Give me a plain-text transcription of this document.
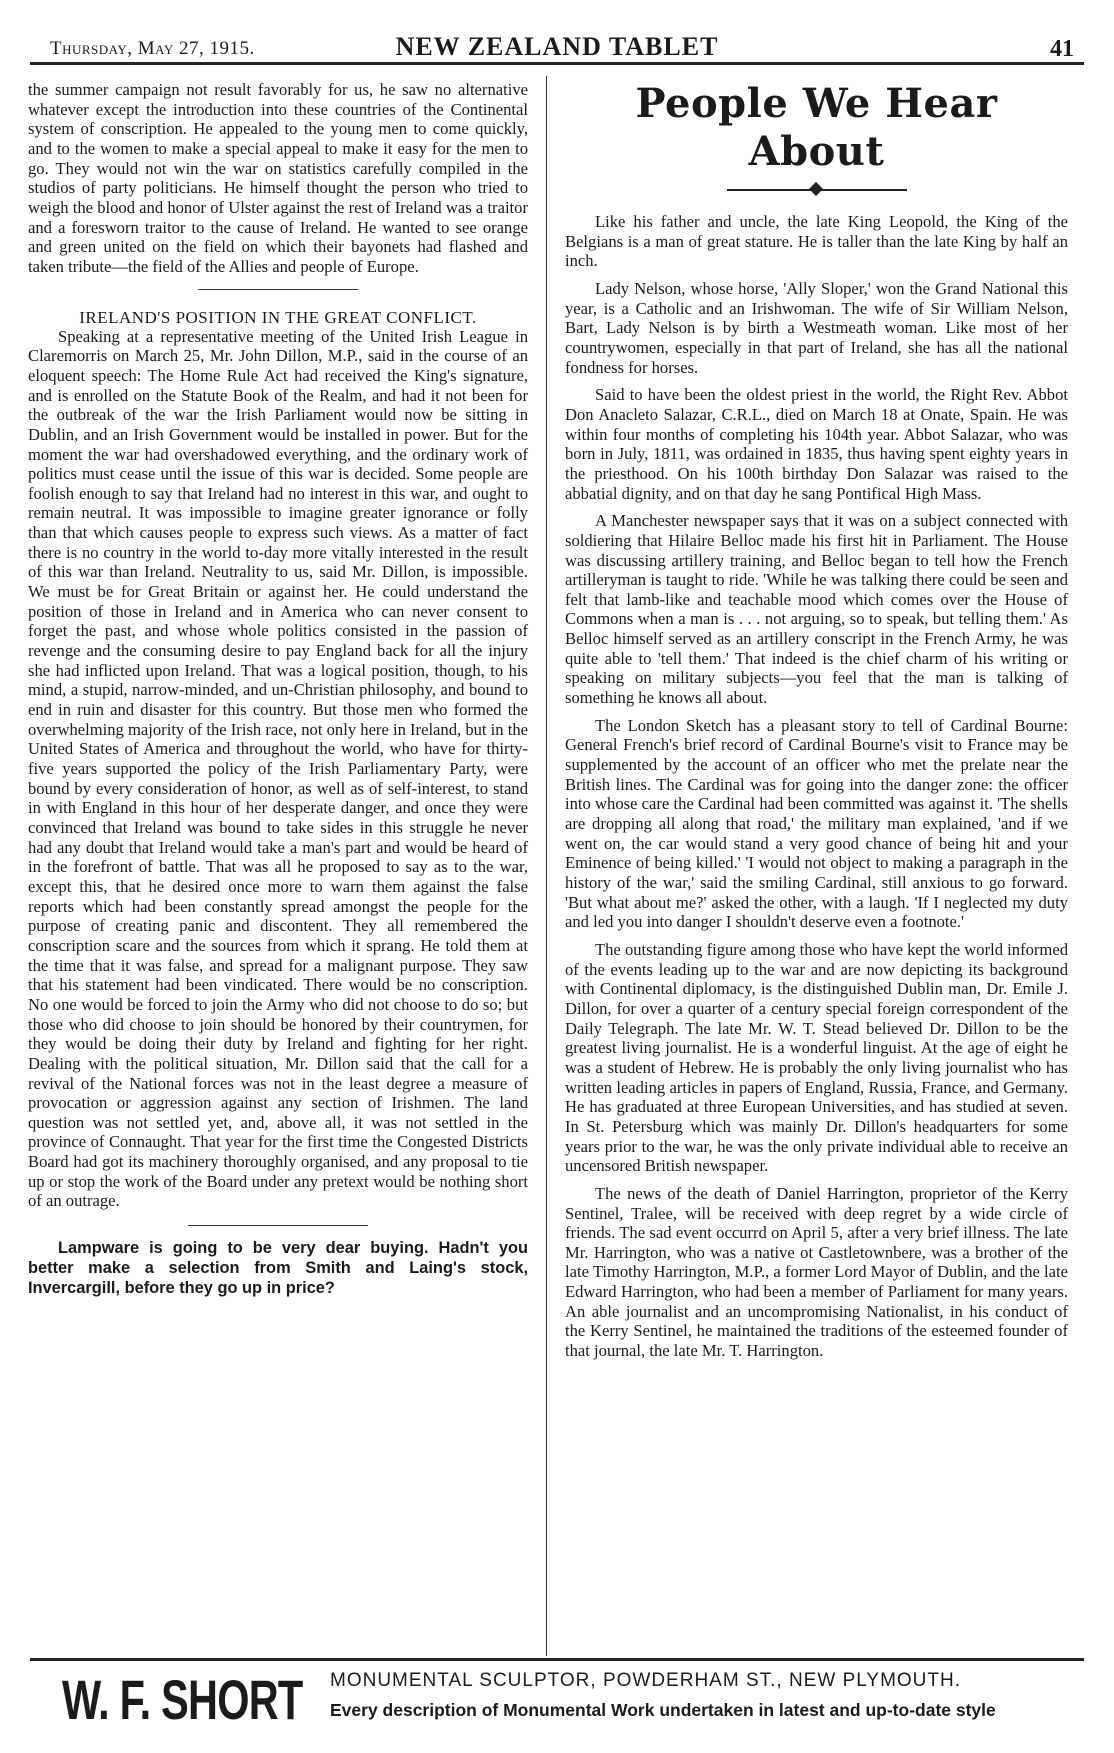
Thursday, May 27, 1915.	NEW ZEALAND TABLET	41

the summer campaign not result favorably for us, he saw no alternative whatever except the introduction into these countries of the Continental system of conscription. He appealed to the young men to come quickly, and to the women to make a special appeal to make it easy for the men to go. They would not win the war on statistics carefully compiled in the studios of party politicians. He himself thought the person who tried to weigh the blood and honor of Ulster against the rest of Ireland was a traitor and a foresworn traitor to the cause of Ireland. He wanted to see orange and green united on the field on which their bayonets had flashed and taken tribute—the field of the Allies and people of Europe.

IRELAND'S POSITION IN THE GREAT CONFLICT.

Speaking at a representative meeting of the United Irish League in Claremorris on March 25, Mr. John Dillon, M.P., said in the course of an eloquent speech: The Home Rule Act had received the King's signature, and is enrolled on the Statute Book of the Realm, and had it not been for the outbreak of the war the Irish Parliament would now be sitting in Dublin, and an Irish Government would be installed in power. But for the moment the war had overshadowed everything, and the ordinary work of politics must cease until the issue of this war is decided. Some people are foolish enough to say that Ireland had no interest in this war, and ought to remain neutral. It was impossible to imagine greater ignorance or folly than that which causes people to express such views. As a matter of fact there is no country in the world to-day more vitally interested in the result of this war than Ireland. Neutrality to us, said Mr. Dillon, is impossible. We must be for Great Britain or against her. He could understand the position of those in Ireland and in America who can never consent to forget the past, and whose whole politics consisted in the passion of revenge and the consuming desire to pay England back for all the injury she had inflicted upon Ireland. That was a logical position, though, to his mind, a stupid, narrow-minded, and un-Christian philosophy, and bound to end in ruin and disaster for this country. But those men who formed the overwhelming majority of the Irish race, not only here in Ireland, but in the United States of America and throughout the world, who have for thirty-five years supported the policy of the Irish Parliamentary Party, were bound by every consideration of honor, as well as of self-interest, to stand in with England in this hour of her desperate danger, and once they were convinced that Ireland was bound to take sides in this struggle he never had any doubt that Ireland would take a man's part and would be heard of in the forefront of battle. That was all he proposed to say as to the war, except this, that he desired once more to warn them against the false reports which had been constantly spread amongst the people for the purpose of creating panic and discontent. They all remembered the conscription scare and the sources from which it sprang. He told them at the time that it was false, and spread for a malignant purpose. They saw that his statement had been vindicated. There would be no conscription. No one would be forced to join the Army who did not choose to do so; but those who did choose to join should be honored by their countrymen, for they would be doing their duty by Ireland and fighting for her right. Dealing with the political situation, Mr. Dillon said that the call for a revival of the National forces was not in the least degree a measure of provocation or aggression against any section of Irishmen. The land question was not settled yet, and, above all, it was not settled in the province of Connaught. That year for the first time the Congested Districts Board had got its machinery thoroughly organised, and any proposal to tie up or stop the work of the Board under any pretext would be nothing short of an outrage.

Lampware is going to be very dear buying. Hadn't you better make a selection from Smith and Laing's stock, Invercargill, before they go up in price?

People We Hear About

Like his father and uncle, the late King Leopold, the King of the Belgians is a man of great stature. He is taller than the late King by half an inch.

Lady Nelson, whose horse, 'Ally Sloper,' won the Grand National this year, is a Catholic and an Irishwoman. The wife of Sir William Nelson, Bart, Lady Nelson is by birth a Westmeath woman. Like most of her countrywomen, especially in that part of Ireland, she has all the national fondness for horses.

Said to have been the oldest priest in the world, the Right Rev. Abbot Don Anacleto Salazar, C.R.L., died on March 18 at Onate, Spain. He was within four months of completing his 104th year. Abbot Salazar, who was born in July, 1811, was ordained in 1835, thus having spent eighty years in the priesthood. On his 100th birthday Don Salazar was raised to the abbatial dignity, and on that day he sang Pontifical High Mass.

A Manchester newspaper says that it was on a subject connected with soldiering that Hilaire Belloc made his first hit in Parliament. The House was discussing artillery training, and Belloc began to tell how the French artilleryman is taught to ride. 'While he was talking there could be seen and felt that lamb-like and teachable mood which comes over the House of Commons when a man is . . . not arguing, so to speak, but telling them.' As Belloc himself served as an artillery conscript in the French Army, he was quite able to 'tell them.' That indeed is the chief charm of his writing or speaking on military subjects—you feel that the man is talking of something he knows all about.

The London Sketch has a pleasant story to tell of Cardinal Bourne: General French's brief record of Cardinal Bourne's visit to France may be supplemented by the account of an officer who met the prelate near the British lines. The Cardinal was for going into the danger zone: the officer into whose care the Cardinal had been committed was against it. 'The shells are dropping all along that road,' the military man explained, 'and if we went on, the car would stand a very good chance of being hit and your Eminence of being killed.' 'I would not object to making a paragraph in the history of the war,' said the smiling Cardinal, still anxious to go forward. 'But what about me?' asked the other, with a laugh. 'If I neglected my duty and led you into danger I shouldn't deserve even a footnote.'

The outstanding figure among those who have kept the world informed of the events leading up to the war and are now depicting its background with Continental diplomacy, is the distinguished Dublin man, Dr. Emile J. Dillon, for over a quarter of a century special foreign correspondent of the Daily Telegraph. The late Mr. W. T. Stead believed Dr. Dillon to be the greatest living journalist. He is a wonderful linguist. At the age of eight he was a student of Hebrew. He is probably the only living journalist who has written leading articles in papers of England, Russia, France, and Germany. He has graduated at three European Universities, and has studied at seven. In St. Petersburg which was mainly Dr. Dillon's headquarters for some years prior to the war, he was the only private individual able to receive an uncensored British newspaper.

The news of the death of Daniel Harrington, proprietor of the Kerry Sentinel, Tralee, will be received with deep regret by a wide circle of friends. The sad event occurrd on April 5, after a very brief illness. The late Mr. Harrington, who was a native ot Castletownbere, was a brother of the late Timothy Harrington, M.P., a former Lord Mayor of Dublin, and the late Edward Harrington, who had been a member of Parliament for many years. An able journalist and an uncompromising Nationalist, in his conduct of the Kerry Sentinel, he maintained the traditions of the esteemed founder of that journal, the late Mr. T. Harrington.

W. F. SHORT MONUMENTAL SCULPTOR, POWDERHAM ST., NEW PLYMOUTH.
Every description of Monumental Work undertaken in latest and up-to-date style
